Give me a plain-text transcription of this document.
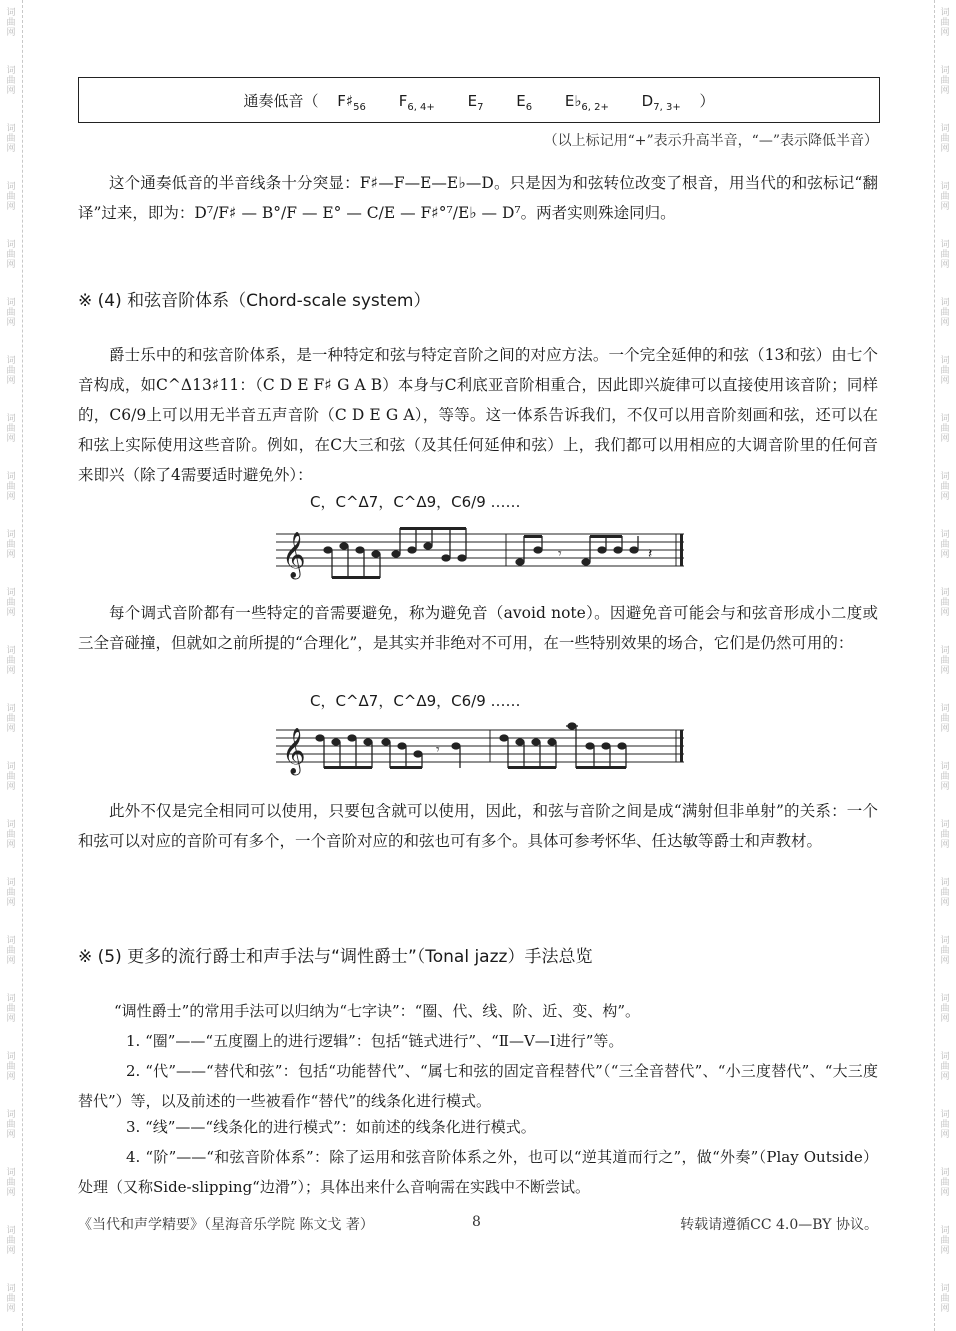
词
曲
网
词
曲
网
词
曲
网
词
曲
网
词
曲
网
词
曲
网
词
曲
网
词
曲
网
词
曲
网
词
曲
网
词
曲
网
词
曲
网
词
曲
网
词
曲
网
词
曲
网
词
曲
网
词
曲
网
词
曲
网
词
曲
网
词
曲
网
词
曲
网
词
曲
网
词
曲
网
词
曲
网
词
曲
网
词
曲
网
词
曲
网
词
曲
网
词
曲
网
词
曲
网
词
曲
网
词
曲
网
词
曲
网
词
曲
网
词
曲
网
词
曲
网
词
曲
网
词
曲
网
词
曲
网
词
曲
网
词
曲
网
词
曲
网
词
曲
网
词
曲
网
词
曲
网
词
曲
网
通奏低音（ $F♯_{56}$ $F_{6, 4+}$ $E_7$ $E_6$ $E♭_{6, 2+}$ $D_{7, 3+}$ ）
（以上标记用“+”表示升高半音，“—”表示降低半音）

这个通奏低音的半音线条十分突显：F♯—F—E—E♭—D。只是因为和弦转位改变了根音，用当代的和弦标记“翻译”过来，即为：D⁷/F♯ — B°/F — E° — C/E — F♯°⁷/E♭ — D⁷。两者实则殊途同归。

※ (4) 和弦音阶体系（Chord-scale system）

爵士乐中的和弦音阶体系，是一种特定和弦与特定音阶之间的对应方法。一个完全延伸的和弦（13和弦）由七个音构成，如C^Δ13♯11：（C D E F♯ G A B）本身与C利底亚音阶相重合，因此即兴旋律可以直接使用该音阶；同样的，C6/9上可以用无半音五声音阶（C D E G A），等等。这一体系告诉我们，不仅可以用音阶刻画和弦，还可以在和弦上实际使用这些音阶。例如，在C大三和弦（及其任何延伸和弦）上，我们都可以用相应的大调音阶里的任何音来即兴（除了4需要适时避免外）：

C，C^Δ7，C^Δ9，C6/9 ……
𝄞	𝄾	𝄽

每个调式音阶都有一些特定的音需要避免，称为避免音（avoid note）。因避免音可能会与和弦音形成小二度或三全音碰撞，但就如之前所提的“合理化”，是其实并非绝对不可用，在一些特别效果的场合，它们是仍然可用的：

C，C^Δ7，C^Δ9，C6/9 ……
𝄞	𝄾

此外不仅是完全相同可以使用，只要包含就可以使用，因此，和弦与音阶之间是成“满射但非单射”的关系：一个和弦可以对应的音阶可有多个，一个音阶对应的和弦也可有多个。具体可参考怀华、任达敏等爵士和声教材。

※ (5) 更多的流行爵士和声手法与“调性爵士”（Tonal jazz）手法总览

“调性爵士”的常用手法可以归纳为“七字诀”：“圈、代、线、阶、近、变、构”。

1. “圈”——“五度圈上的进行逻辑”：包括“链式进行”、“Ⅱ—Ⅴ—Ⅰ进行”等。

2. “代”——“替代和弦”：包括“功能替代”、“属七和弦的固定音程替代”（“三全音替代”、“小三度替代”、“大三度替代”）等，以及前述的一些被看作“替代”的线条化进行模式。

3. “线”——“线条化的进行模式”：如前述的线条化进行模式。

4. “阶”——“和弦音阶体系”：除了运用和弦音阶体系之外，也可以“逆其道而行之”，做“外奏”（Play Outside）处理（又称Side-slipping“边滑”）；具体出来什么音响需在实践中不断尝试。

《当代和声学精要》（星海音乐学院 陈文戈 著）	8	转载请遵循CC 4.0—BY 协议。
